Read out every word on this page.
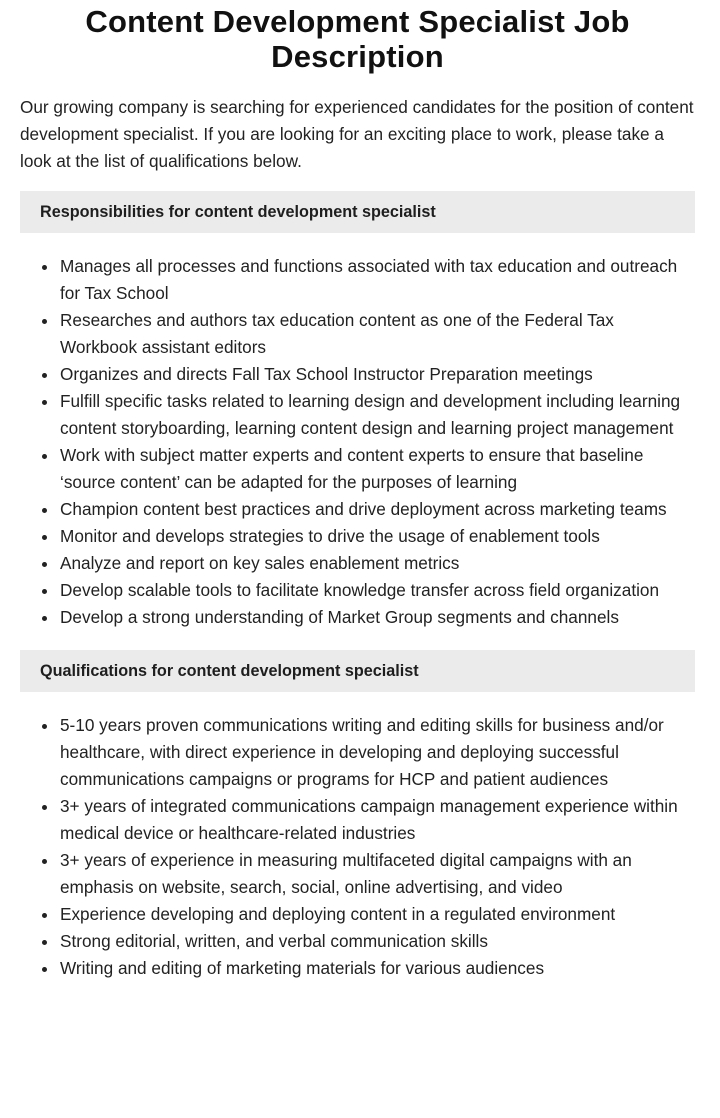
Content Development Specialist Job Description

Our growing company is searching for experienced candidates for the position of content development specialist. If you are looking for an exciting place to work, please take a look at the list of qualifications below.

Responsibilities for content development specialist
Manages all processes and functions associated with tax education and outreach for Tax School
Researches and authors tax education content as one of the Federal Tax Workbook assistant editors
Organizes and directs Fall Tax School Instructor Preparation meetings
Fulfill specific tasks related to learning design and development including learning content storyboarding, learning content design and learning project management
Work with subject matter experts and content experts to ensure that baseline ‘source content’ can be adapted for the purposes of learning
Champion content best practices and drive deployment across marketing teams
Monitor and develops strategies to drive the usage of enablement tools
Analyze and report on key sales enablement metrics
Develop scalable tools to facilitate knowledge transfer across field organization
Develop a strong understanding of Market Group segments and channels
Qualifications for content development specialist
5-10 years proven communications writing and editing skills for business and/or healthcare, with direct experience in developing and deploying successful communications campaigns or programs for HCP and patient audiences
3+ years of integrated communications campaign management experience within medical device or healthcare-related industries
3+ years of experience in measuring multifaceted digital campaigns with an emphasis on website, search, social, online advertising, and video
Experience developing and deploying content in a regulated environment
Strong editorial, written, and verbal communication skills
Writing and editing of marketing materials for various audiences
